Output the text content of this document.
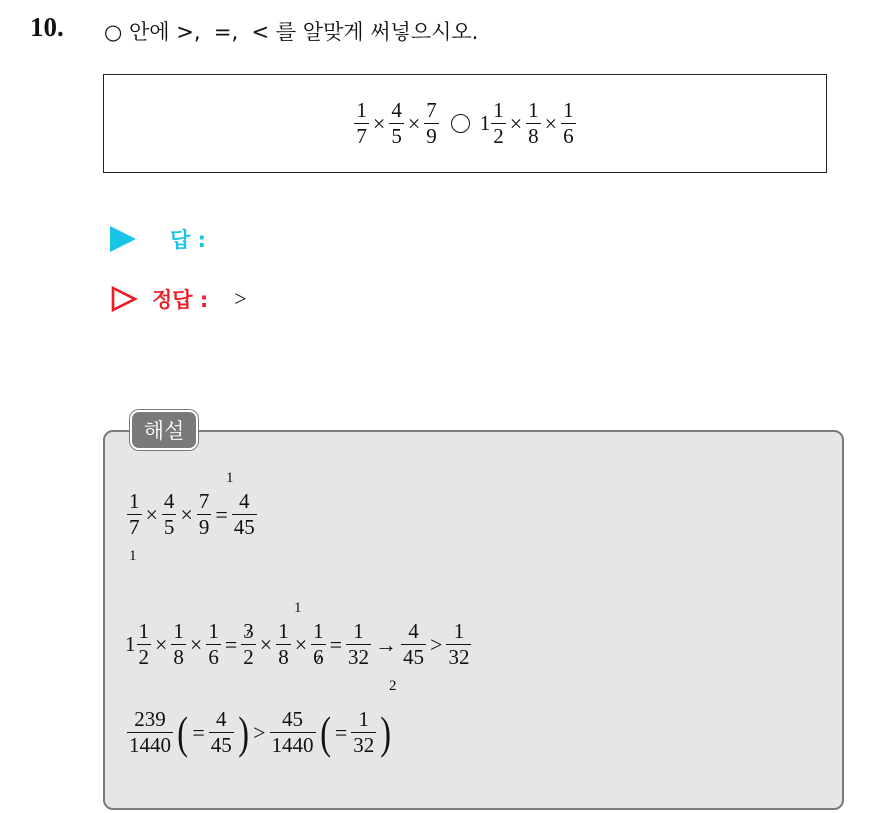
10. ○ 안에 >,  =,  < 를 알맞게 써넣으시오.
$\frac{1}{7} \times \frac{4}{5} \times \frac{7}{9} 1 \frac{1}{2} \times \frac{1}{8} \times \frac{1}{6}$
답 :
정답 : >
해설
$\frac{1}{7} \times \frac{4}{5} \times \frac{7}{9} = \frac{4}{45}$
1
1
$1 \frac{1}{2} \times \frac{1}{8} \times \frac{1}{6} = \frac{3}{2} \times \frac{1}{8} \times \frac{1}{6} = \frac{1}{32} \to \frac{4}{45} > \frac{1}{32}$
1
2
$\frac{239}{1440}$ ( = $\frac{4}{45}$ ) > $\frac{45}{1440}$ ( = $\frac{1}{32}$ )
